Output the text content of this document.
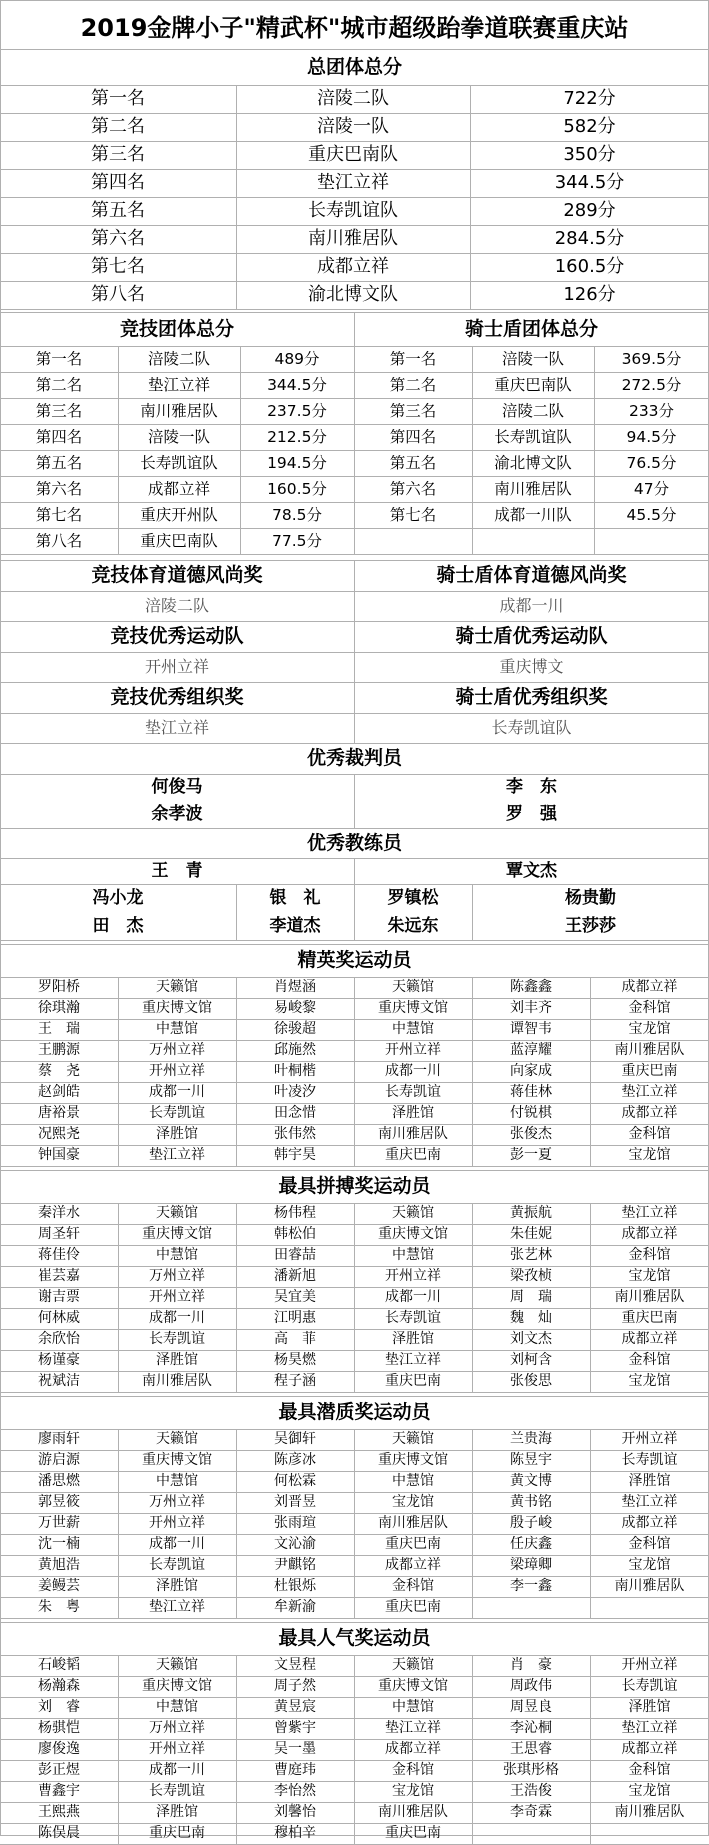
2019金牌小子"精武杯"城市超级跆拳道联赛重庆站
总团体总分
第一名	涪陵二队	722分
第二名	涪陵一队	582分
第三名	重庆巴南队	350分
第四名	垫江立祥	344.5分
第五名	长寿凯谊队	289分
第六名	南川雅居队	284.5分
第七名	成都立祥	160.5分
第八名	渝北博文队	126分
竞技团体总分	骑士盾团体总分
第一名	涪陵二队	489分	第一名	涪陵一队	369.5分
第二名	垫江立祥	344.5分	第二名	重庆巴南队	272.5分
第三名	南川雅居队	237.5分	第三名	涪陵二队	233分
第四名	涪陵一队	212.5分	第四名	长寿凯谊队	94.5分
第五名	长寿凯谊队	194.5分	第五名	渝北博文队	76.5分
第六名	成都立祥	160.5分	第六名	南川雅居队	47分
第七名	重庆开州队	78.5分	第七名	成都一川队	45.5分
第八名	重庆巴南队	77.5分
竞技体育道德风尚奖	骑士盾体育道德风尚奖
涪陵二队	成都一川
竞技优秀运动队	骑士盾优秀运动队
开州立祥	重庆博文
竞技优秀组织奖	骑士盾优秀组织奖
垫江立祥	长寿凯谊队
优秀裁判员
何俊马	李　东
余孝波	罗　强
优秀教练员
王　青	覃文杰
冯小龙	银　礼	罗镇松	杨贵勤
田　杰	李道杰	朱远东	王莎莎
精英奖运动员
罗阳桥	天籁馆	肖煜涵	天籁馆	陈鑫鑫	成都立祥
徐琪瀚	重庆博文馆	易峻黎	重庆博文馆	刘丰齐	金科馆
王　瑞	中慧馆	徐骏超	中慧馆	谭智韦	宝龙馆
王鹏源	万州立祥	邱施然	开州立祥	蓝淳耀	南川雅居队
蔡　尧	开州立祥	叶桐楷	成都一川	向家成	重庆巴南
赵剑皓	成都一川	叶凌汐	长寿凯谊	蒋佳林	垫江立祥
唐裕景	长寿凯谊	田念惜	泽胜馆	付锐棋	成都立祥
况熙尧	泽胜馆	张伟然	南川雅居队	张俊杰	金科馆
钟国豪	垫江立祥	韩宇昊	重庆巴南	彭一夏	宝龙馆
最具拼搏奖运动员
秦洋水	天籁馆	杨伟程	天籁馆	黄振航	垫江立祥
周圣轩	重庆博文馆	韩松伯	重庆博文馆	朱佳妮	成都立祥
蒋佳伶	中慧馆	田睿喆	中慧馆	张艺林	金科馆
崔芸嘉	万州立祥	潘新旭	开州立祥	梁孜桢	宝龙馆
谢吉票	开州立祥	吴宜美	成都一川	周　瑞	南川雅居队
何林威	成都一川	江明惠	长寿凯谊	魏　灿	重庆巴南
余欣怡	长寿凯谊	高　菲	泽胜馆	刘文杰	成都立祥
杨谨豪	泽胜馆	杨昊燃	垫江立祥	刘柯含	金科馆
祝斌洁	南川雅居队	程子涵	重庆巴南	张俊思	宝龙馆
最具潜质奖运动员
廖雨轩	天籁馆	吴御轩	天籁馆	兰贵海	开州立祥
游启源	重庆博文馆	陈彦冰	重庆博文馆	陈昱宇	长寿凯谊
潘思燃	中慧馆	何松霖	中慧馆	黄文博	泽胜馆
郭昱筱	万州立祥	刘晋昱	宝龙馆	黄书铭	垫江立祥
万世薪	开州立祥	张雨瑄	南川雅居队	殷子峻	成都立祥
沈一楠	成都一川	文沁渝	重庆巴南	任庆鑫	金科馆
黄旭浩	长寿凯谊	尹麒铭	成都立祥	梁璋卿	宝龙馆
姜鳗芸	泽胜馆	杜银烁	金科馆	李一鑫	南川雅居队
朱　粤	垫江立祥	牟新渝	重庆巴南
最具人气奖运动员
石峻韬	天籁馆	文昱程	天籁馆	肖　豪	开州立祥
杨瀚森	重庆博文馆	周子然	重庆博文馆	周政伟	长寿凯谊
刘　睿	中慧馆	黄昱宸	中慧馆	周昱良	泽胜馆
杨骐恺	万州立祥	曾紫宇	垫江立祥	李沁桐	垫江立祥
廖俊逸	开州立祥	吴一墨	成都立祥	王思睿	成都立祥
彭正煜	成都一川	曹庭玮	金科馆	张琪彤格	金科馆
曹鑫宇	长寿凯谊	李怡然	宝龙馆	王浩俊	宝龙馆
王熙燕	泽胜馆	刘馨怡	南川雅居队	李奇霖	南川雅居队
陈俣晨	重庆巴南	穆柏辛	重庆巴南
